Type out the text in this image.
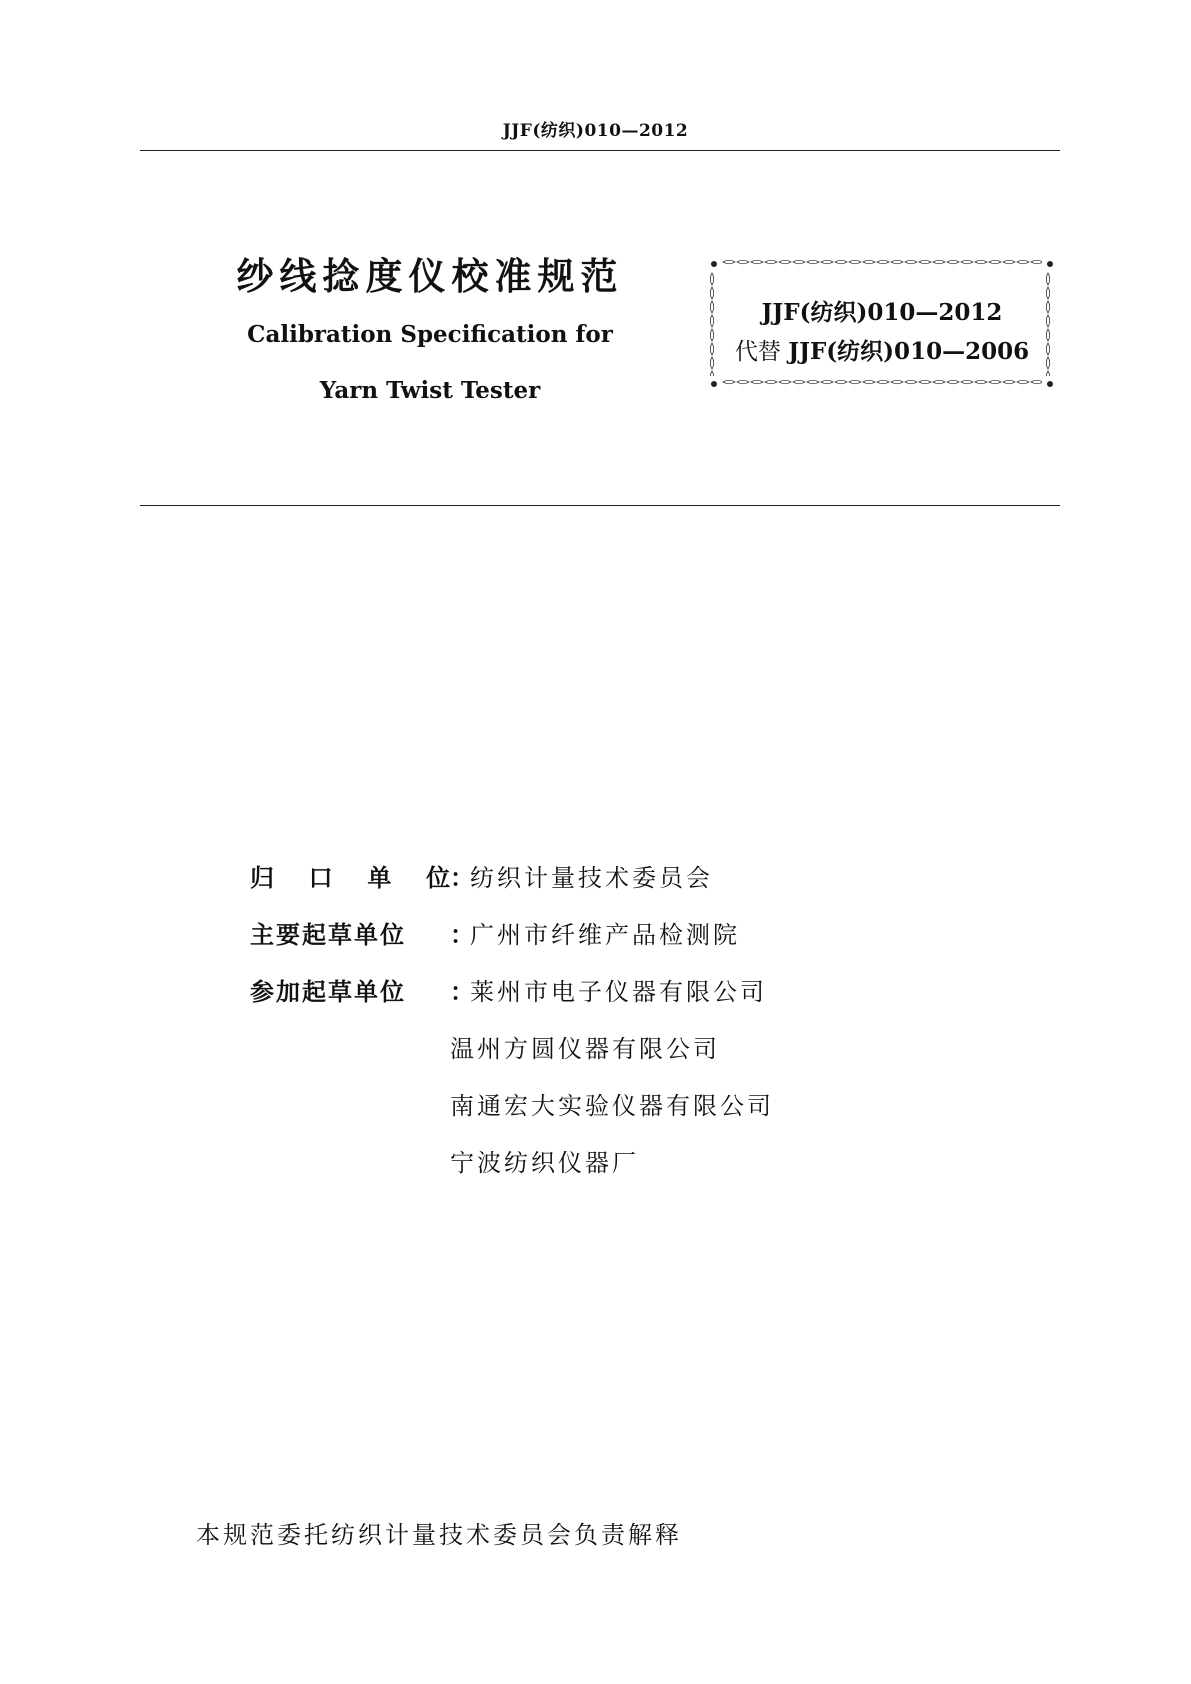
JJF(纺织)010—2012
纱线捻度仪校准规范
Calibration Specification for
Yarn Twist Tester
JJF(纺织)010—2012
代替 JJF(纺织)010—2006
归 口 单 位 ：
纺织计量技术委员会
主要起草单位	：
广州市纤维产品检测院
参加起草单位	：
莱州市电子仪器有限公司
温州方圆仪器有限公司
南通宏大实验仪器有限公司
宁波纺织仪器厂
本规范委托纺织计量技术委员会负责解释
